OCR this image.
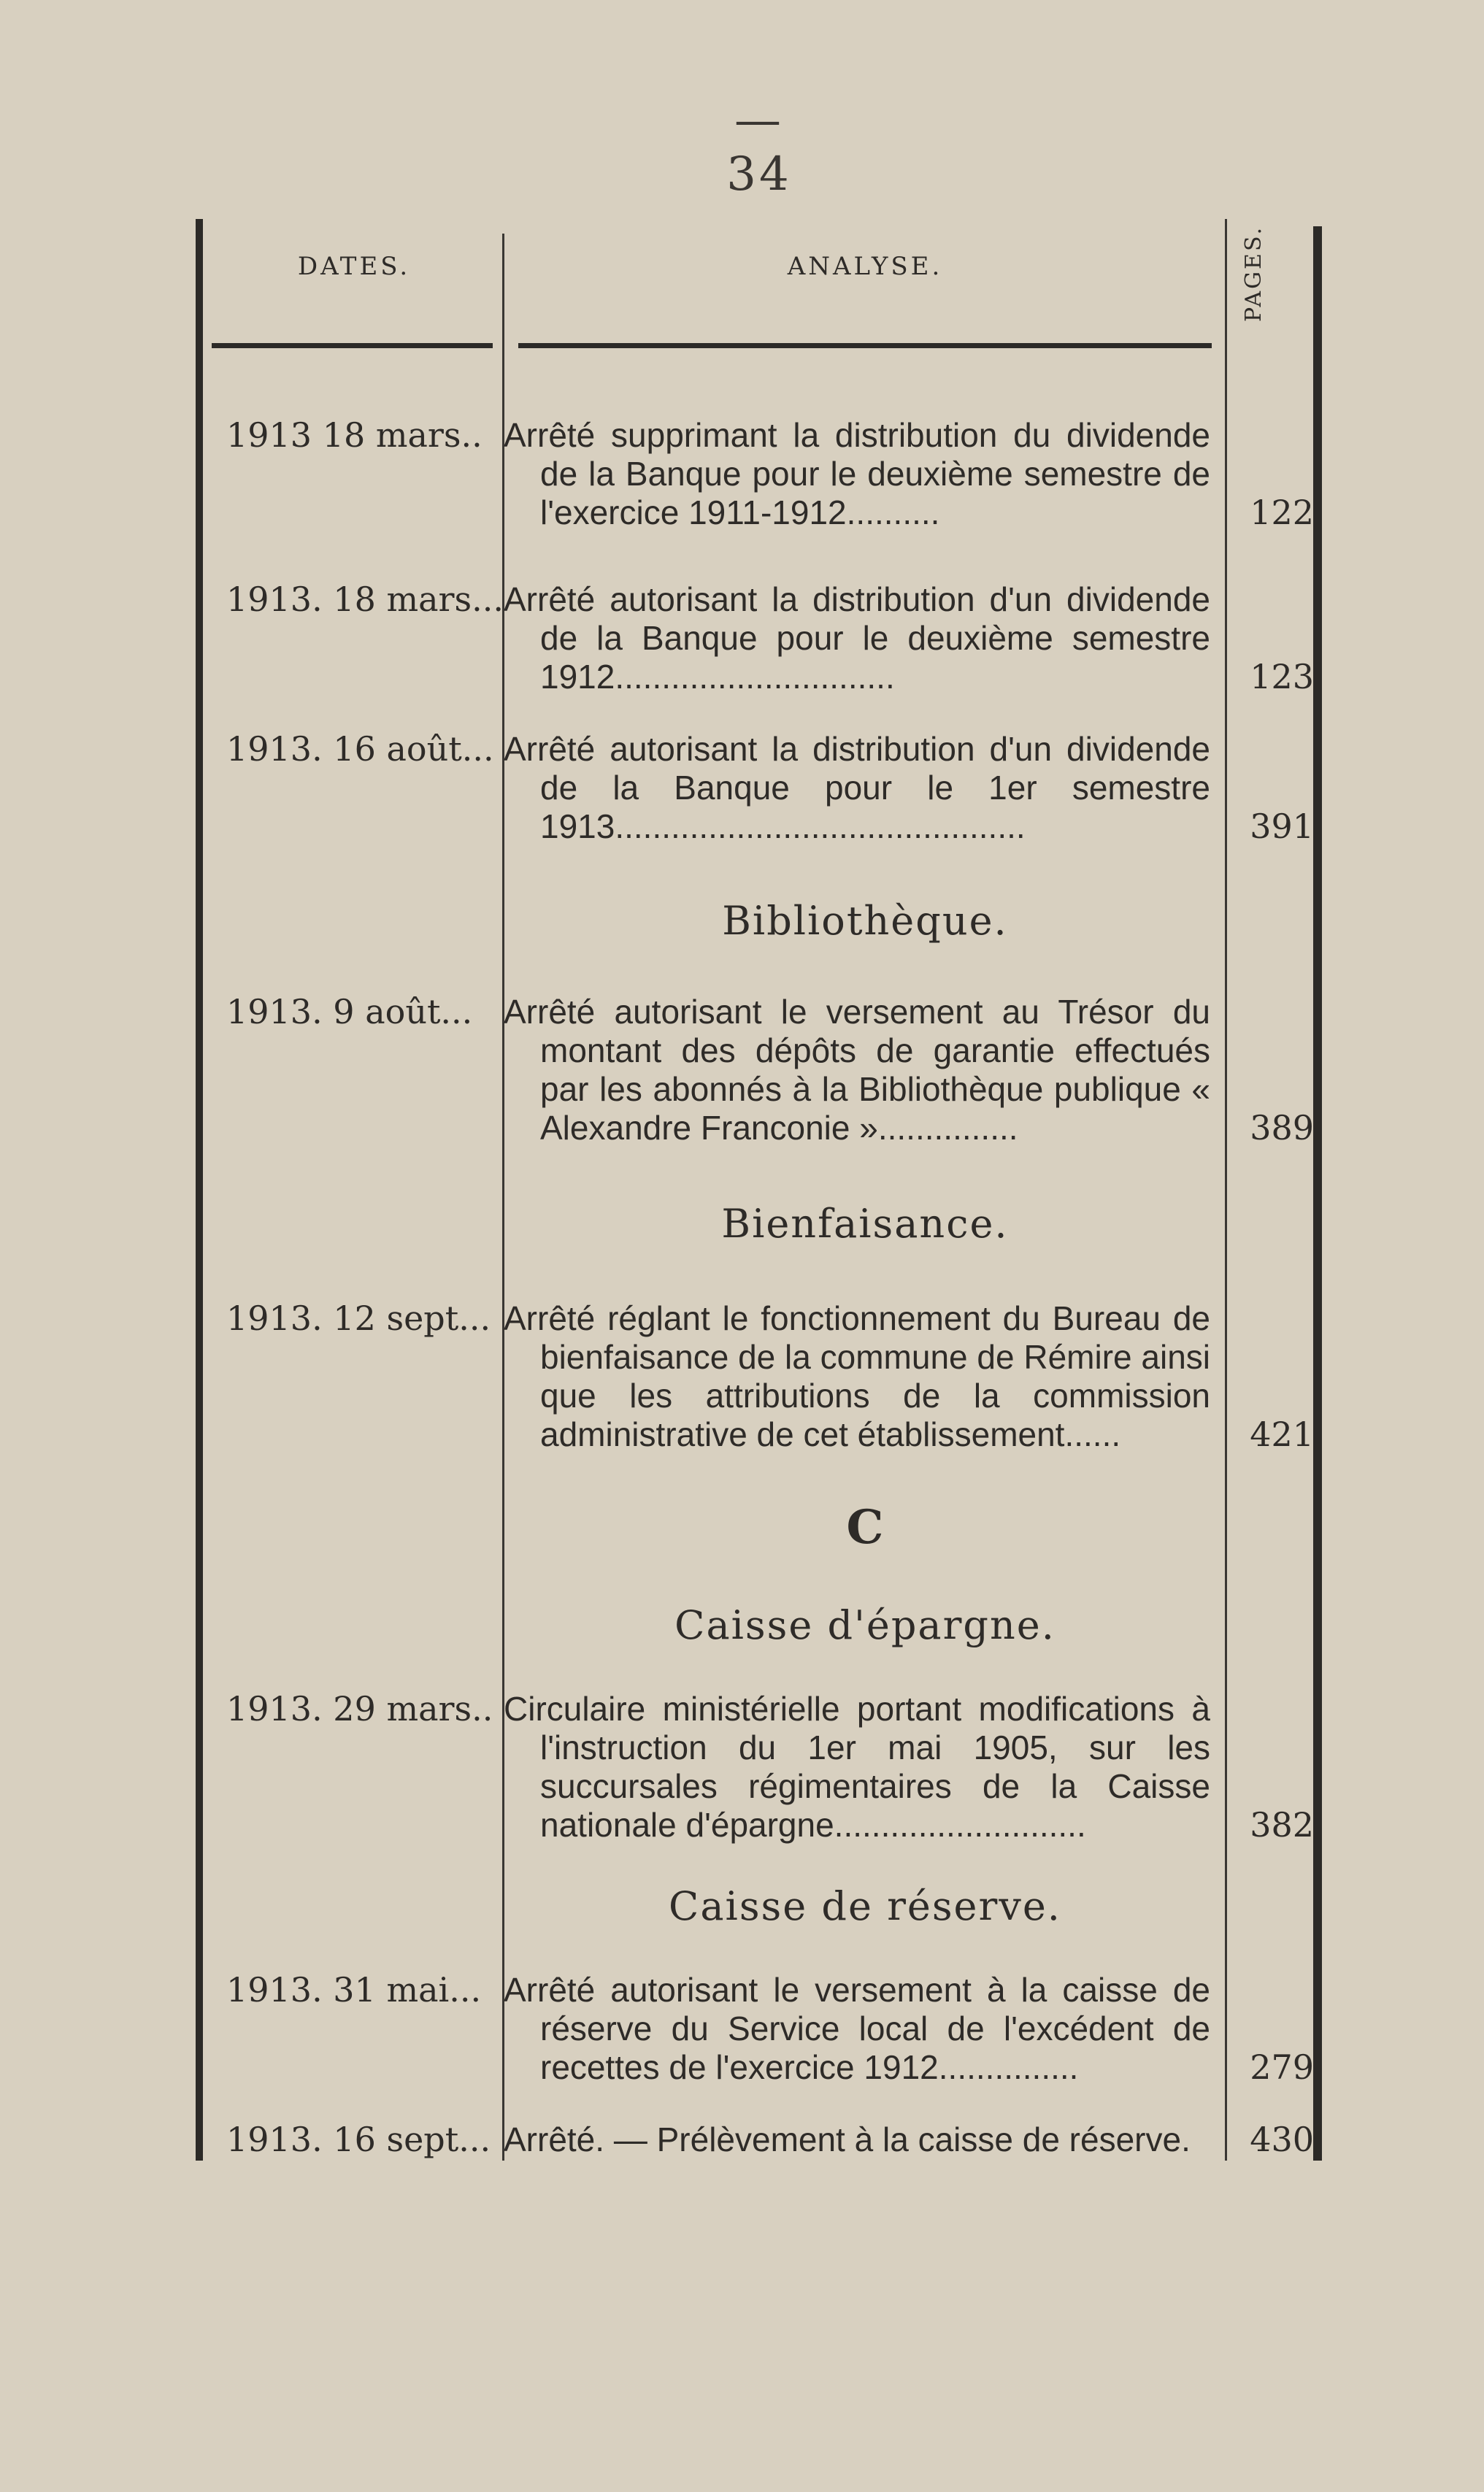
— 34
DATES.	ANALYSE.	PAGES.
1913 18 mars.. Arrêté supprimant la distribution du dividende de la Banque pour le deuxième semestre de l'exercice 1911-1912..........	122
1913. 18 mars... Arrêté autorisant la distribution d'un dividende de la Banque pour le deuxième semestre 1912..............................	123
1913. 16 août... Arrêté autorisant la distribution d'un dividende de la Banque pour le 1er semestre 1913............................................	391
Bibliothèque.
1913. 9 août... Arrêté autorisant le versement au Trésor du montant des dépôts de garantie effectués par les abonnés à la Bibliothèque publique « Alexandre Franconie »...............	389
Bienfaisance.
1913. 12 sept... Arrêté réglant le fonctionnement du Bureau de bienfaisance de la commune de Rémire ainsi que les attributions de la commission administrative de cet établissement......	421
C
Caisse d'épargne.
1913. 29 mars.. Circulaire ministérielle portant modifications à l'instruction du 1er mai 1905, sur les succursales régimentaires de la Caisse nationale d'épargne...........................	382
Caisse de réserve.
1913. 31 mai... Arrêté autorisant le versement à la caisse de réserve du Service local de l'excédent de recettes de l'exercice 1912...............	279
1913. 16 sept... Arrêté. — Prélèvement à la caisse de réserve.	430
